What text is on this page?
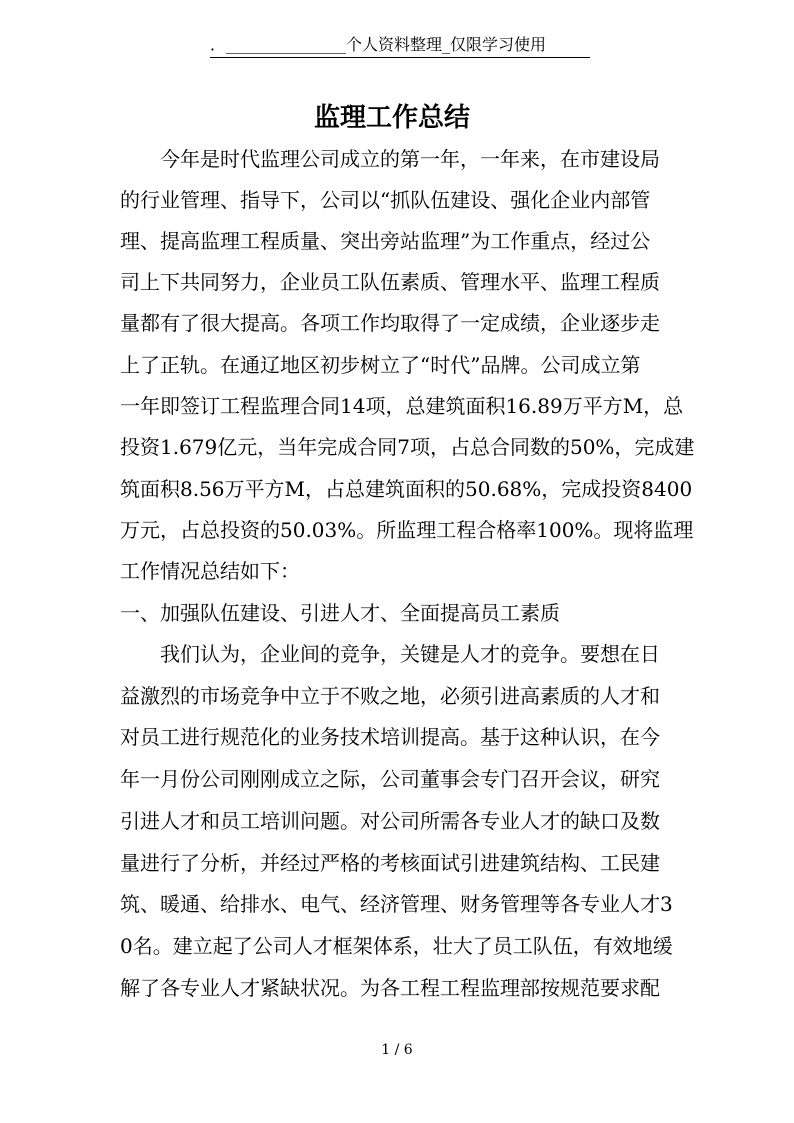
．_______________个人资料整理_仅限学习使用
监理工作总结
今年是时代监理公司成立的第一年，一年来，在市建设局
的行业管理、指导下，公司以“抓队伍建设、强化企业内部管
理、提高监理工程质量、突出旁站监理”为工作重点，经过公
司上下共同努力，企业员工队伍素质、管理水平、监理工程质
量都有了很大提高。各项工作均取得了一定成绩，企业逐步走
上了正轨。在通辽地区初步树立了“时代”品牌。公司成立第
一年即签订工程监理合同14项，总建筑面积16.89万平方M，总
投资1.679亿元，当年完成合同7项，占总合同数的50%，完成建
筑面积8.56万平方M，占总建筑面积的50.68%，完成投资8400
万元，占总投资的50.03%。所监理工程合格率100%。现将监理
工作情况总结如下：
一、加强队伍建设、引进人才、全面提高员工素质
我们认为，企业间的竞争，关键是人才的竞争。要想在日
益激烈的市场竞争中立于不败之地，必须引进高素质的人才和
对员工进行规范化的业务技术培训提高。基于这种认识，在今
年一月份公司刚刚成立之际，公司董事会专门召开会议，研究
引进人才和员工培训问题。对公司所需各专业人才的缺口及数
量进行了分析，并经过严格的考核面试引进建筑结构、工民建
筑、暖通、给排水、电气、经济管理、财务管理等各专业人才3
0名。建立起了公司人才框架体系，壮大了员工队伍，有效地缓
解了各专业人才紧缺状况。为各工程工程监理部按规范要求配
1 / 6
